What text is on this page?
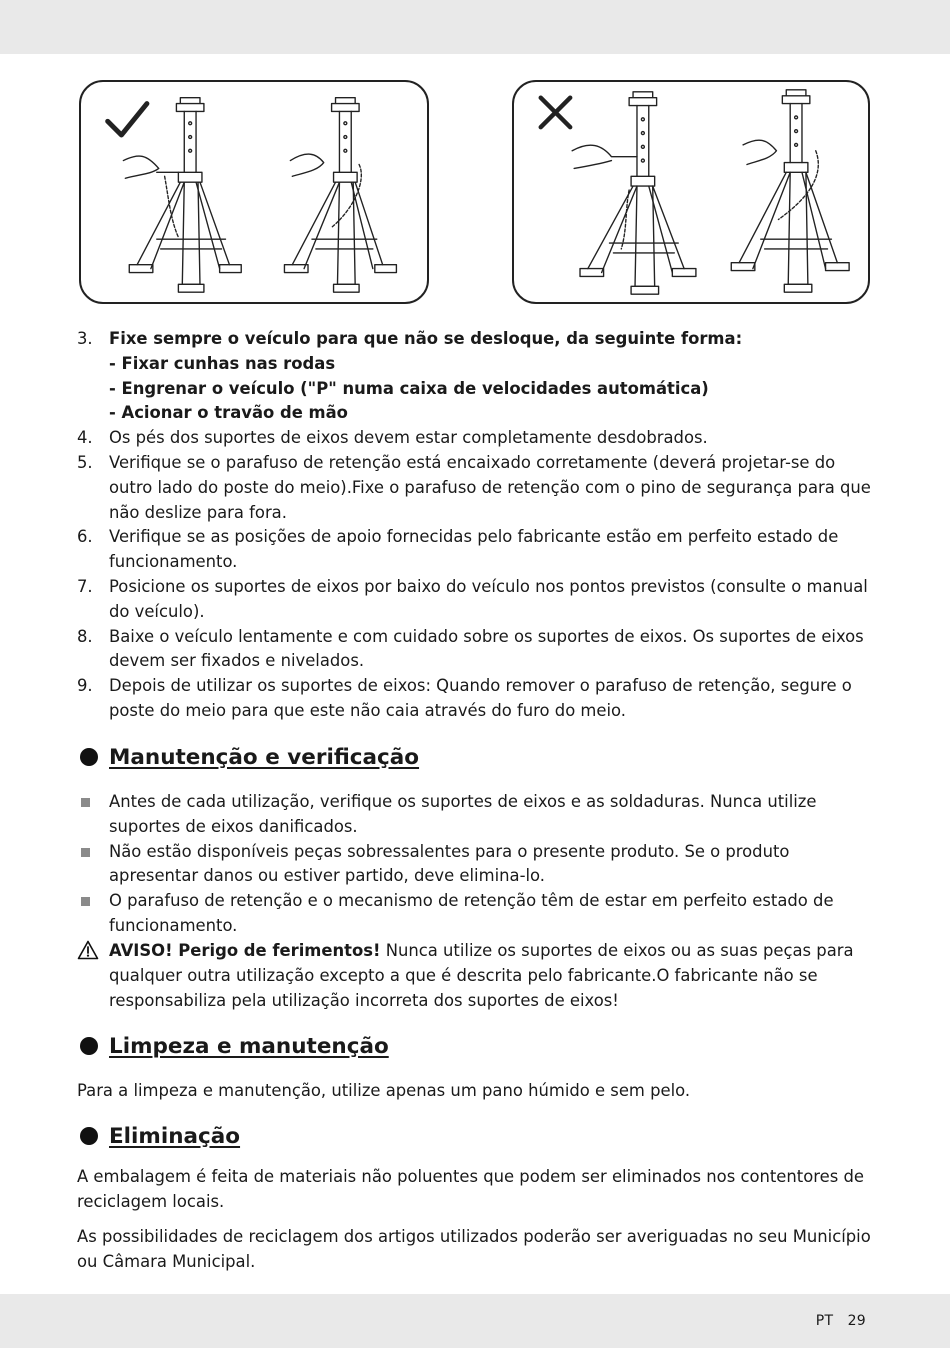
3. Fixe sempre o veículo para que não se desloque, da seguinte forma:
- Fixar cunhas nas rodas
- Engrenar o veículo ("P" numa caixa de velocidades automática)
- Acionar o travão de mão
4. Os pés dos suportes de eixos devem estar completamente desdobrados.
5. Verifique se o parafuso de retenção está encaixado corretamente (deverá projetar-se do outro lado do poste do meio).Fixe o parafuso de retenção com o pino de segurança para que não deslize para fora.
6. Verifique se as posições de apoio fornecidas pelo fabricante estão em perfeito estado de funcionamento.
7. Posicione os suportes de eixos por baixo do veículo nos pontos previstos (consulte o manual do veículo).
8. Baixe o veículo lentamente e com cuidado sobre os suportes de eixos. Os suportes de eixos devem ser fixados e nivelados.
9. Depois de utilizar os suportes de eixos: Quando remover o parafuso de retenção, segure o poste do meio para que este não caia através do furo do meio.
Manutenção e verificação
Antes de cada utilização, verifique os suportes de eixos e as soldaduras. Nunca utilize suportes de eixos danificados.
Não estão disponíveis peças sobressalentes para o presente produto. Se o produto apresentar danos ou estiver partido, deve elimina-lo.
O parafuso de retenção e o mecanismo de retenção têm de estar em perfeito estado de funcionamento.
AVISO! Perigo de ferimentos! Nunca utilize os suportes de eixos ou as suas peças para qualquer outra utilização excepto a que é descrita pelo fabricante.O fabricante não se responsabiliza pela utilização incorreta dos suportes de eixos!
Limpeza e manutenção

Para a limpeza e manutenção, utilize apenas um pano húmido e sem pelo.

Eliminação

A embalagem é feita de materiais não poluentes que podem ser eliminados nos contentores de reciclagem locais.

As possibilidades de reciclagem dos artigos utilizados poderão ser averiguadas no seu Município ou Câmara Municipal.

PT   29
